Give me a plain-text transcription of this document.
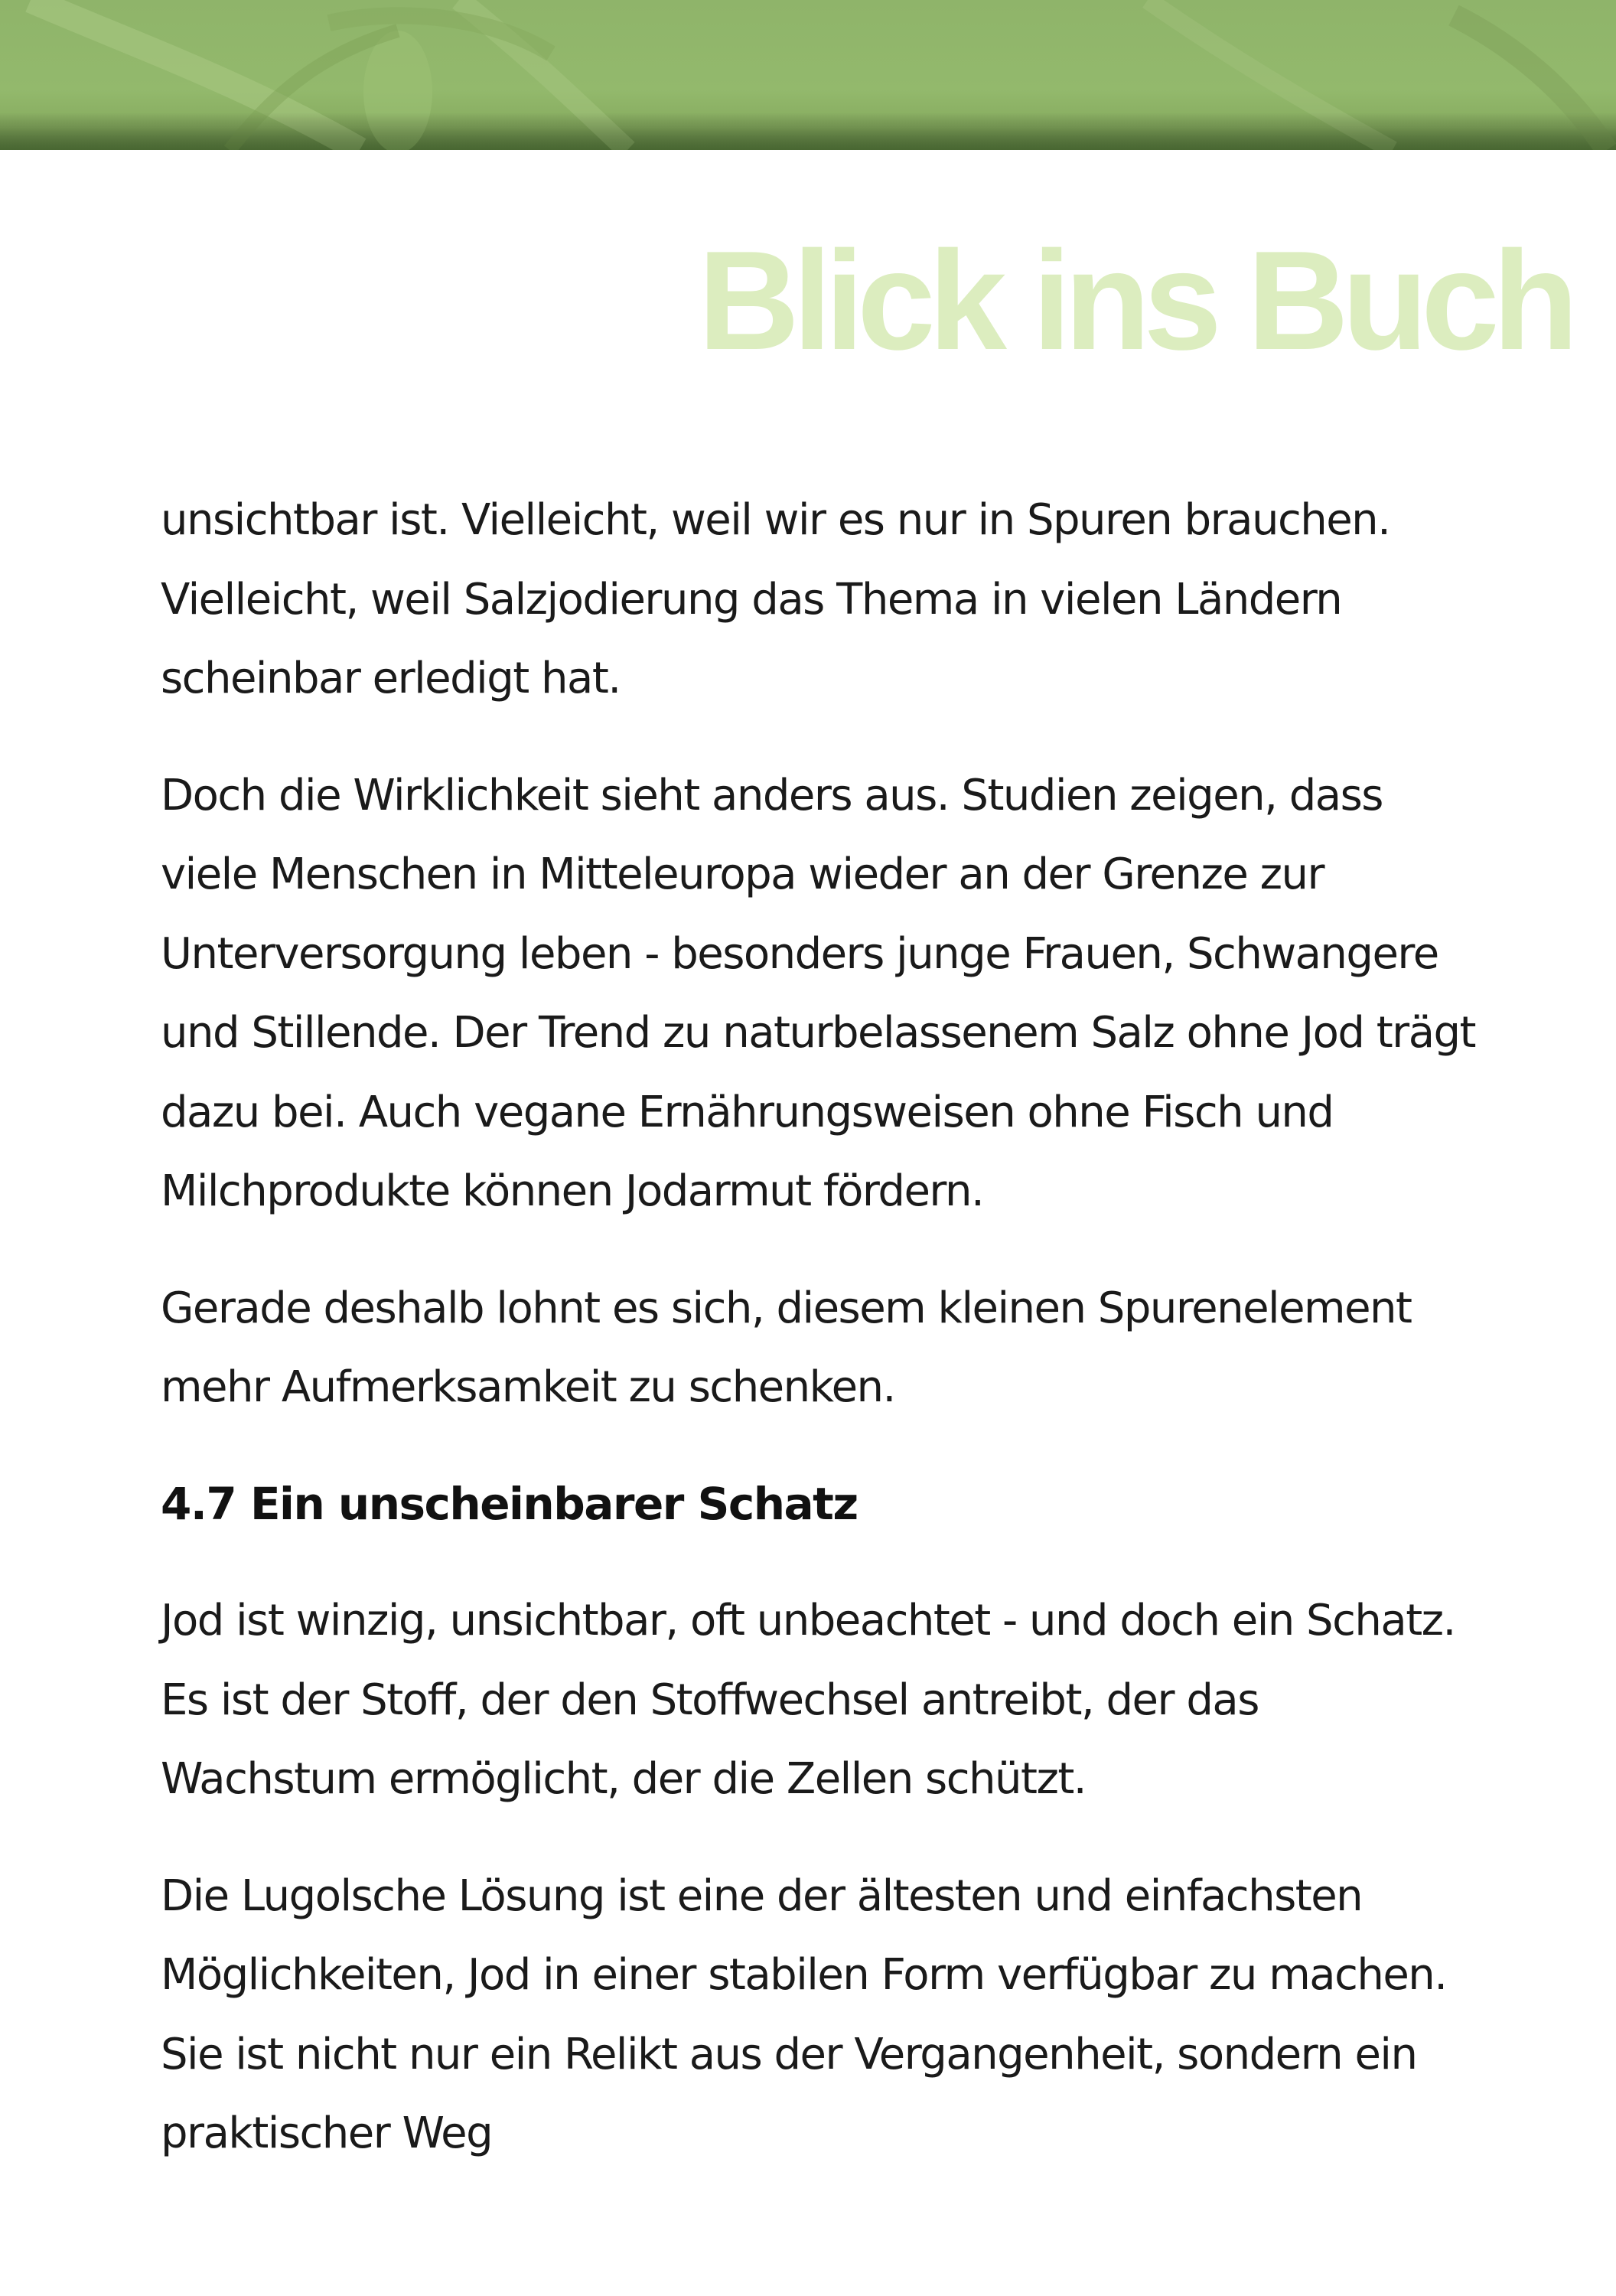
Blick ins Buch

unsichtbar ist. Vielleicht, weil wir es nur in Spuren brauchen. Vielleicht, weil Salzjodierung das Thema in vielen Ländern scheinbar erledigt hat.

Doch die Wirklichkeit sieht anders aus. Studien zeigen, dass viele Menschen in Mitteleuropa wieder an der Grenze zur Unterversorgung leben - besonders junge Frauen, Schwangere und Stillende. Der Trend zu naturbelassenem Salz ohne Jod trägt dazu bei. Auch vegane Ernährungsweisen ohne Fisch und Milchprodukte können Jodarmut fördern.

Gerade deshalb lohnt es sich, diesem kleinen Spurenelement mehr Aufmerksamkeit zu schenken.

4.7 Ein unscheinbarer Schatz

Jod ist winzig, unsichtbar, oft unbeachtet - und doch ein Schatz. Es ist der Stoff, der den Stoffwechsel antreibt, der das Wachstum ermöglicht, der die Zellen schützt.

Die Lugolsche Lösung ist eine der ältesten und einfachsten Möglichkeiten, Jod in einer stabilen Form verfügbar zu machen. Sie ist nicht nur ein Relikt aus der Vergangenheit, sondern ein praktischer Weg
